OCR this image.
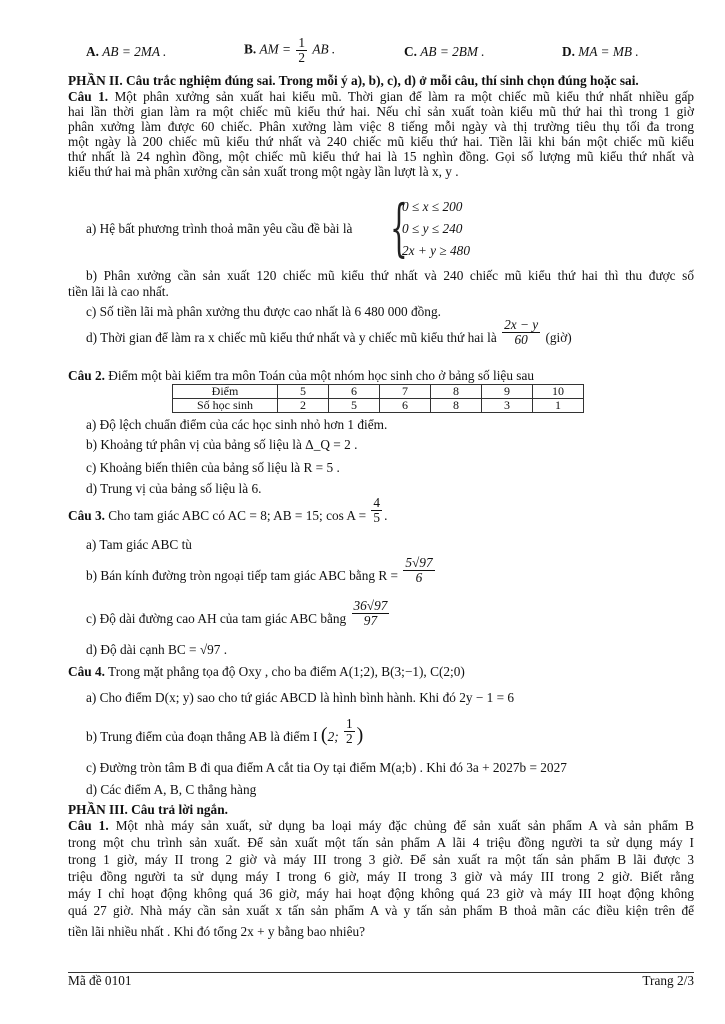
A. AB = 2MA .	B. AM = $\frac{1}{2}$ AB .	C. AB = 2BM .	D. MA = MB .
PHẦN II. Câu trắc nghiệm đúng sai. Trong mỗi ý a), b), c), d) ở mỗi câu, thí sinh chọn đúng hoặc sai.
Câu 1. Một phân xưởng sản xuất hai kiểu mũ. Thời gian để làm ra một chiếc mũ kiểu thứ nhất nhiều gấp
hai lần thời gian làm ra một chiếc mũ kiểu thứ hai. Nếu chỉ sản xuất toàn kiểu mũ thứ hai thì trong 1 giờ
phân xưởng làm được 60 chiếc. Phân xưởng làm việc 8 tiếng mỗi ngày và thị trường tiêu thụ tối đa trong
một ngày là 200 chiếc mũ kiểu thứ nhất và 240 chiếc mũ kiểu thứ hai. Tiền lãi khi bán một chiếc mũ kiểu
thứ nhất là 24 nghìn đồng, một chiếc mũ kiểu thứ hai là 15 nghìn đồng. Gọi số lượng mũ kiểu thứ nhất và
kiểu thứ hai mà phân xưởng cần sản xuất trong một ngày lần lượt là x, y .
a) Hệ bất phương trình thoả mãn yêu cầu đề bài là {
0 ≤ x ≤ 200
0 ≤ y ≤ 240
2x + y ≥ 480
b) Phân xưởng cần sản xuất 120 chiếc mũ kiểu thứ nhất và 240 chiếc mũ kiểu thứ hai thì thu được số
tiền lãi là cao nhất.
c) Số tiền lãi mà phân xưởng thu được cao nhất là 6 480 000 đồng.
d) Thời gian để làm ra x chiếc mũ kiểu thứ nhất và y chiếc mũ kiểu thứ hai là $\frac{2x - y}{60}$ (giờ)
Câu 2. Điểm một bài kiểm tra môn Toán của một nhóm học sinh cho ở bảng số liệu sau
Điểm	5	6	7	8	9	10
Số học sinh	2	5	6	8	3	1
a) Độ lệch chuẩn điểm của các học sinh nhỏ hơn 1 điểm.
b) Khoảng tứ phân vị của bảng số liệu là Δ_Q = 2 .
c) Khoảng biến thiên của bảng số liệu là R = 5 .
d) Trung vị của bảng số liệu là 6.
Câu 3. Cho tam giác ABC có AC = 8; AB = 15; $\cos A = \frac{4}{5}$ .
a) Tam giác ABC tù
b) Bán kính đường tròn ngoại tiếp tam giác ABC bằng $R = \frac{5√97}{6}$
c) Độ dài đường cao AH của tam giác ABC bằng $\frac{36√97}{97}$
d) Độ dài cạnh BC = √97 .
Câu 4. Trong mặt phẳng tọa độ Oxy , cho ba điểm A(1;2), B(3;−1), C(2;0)
a) Cho điểm D(x; y) sao cho tứ giác ABCD là hình bình hành. Khi đó 2y − 1 = 6
b) Trung điểm của đoạn thẳng AB là điểm I (2; $\frac{1}{2}$ )
c) Đường tròn tâm B đi qua điểm A cắt tia Oy tại điểm M(a;b) . Khi đó 3a + 2027b = 2027
d) Các điểm A, B, C thẳng hàng
PHẦN III. Câu trả lời ngắn.
Câu 1. Một nhà máy sản xuất, sử dụng ba loại máy đặc chủng để sản xuất sản phẩm A và sản phẩm B
trong một chu trình sản xuất. Để sản xuất một tấn sản phẩm A lãi 4 triệu đồng người ta sử dụng máy I
trong 1 giờ, máy II trong 2 giờ và máy III trong 3 giờ. Để sản xuất ra một tấn sản phẩm B lãi được 3
triệu đồng người ta sử dụng máy I trong 6 giờ, máy II trong 3 giờ và máy III trong 2 giờ. Biết rằng
máy I chỉ hoạt động không quá 36 giờ, máy hai hoạt động không quá 23 giờ và máy III hoạt động không
quá 27 giờ. Nhà máy cần sản xuất x tấn sản phẩm A và y tấn sản phẩm B thoả mãn các điều kiện trên để
tiền lãi nhiều nhất . Khi đó tổng 2x + y bằng bao nhiêu?
Mã đề 0101	Trang 2/3
